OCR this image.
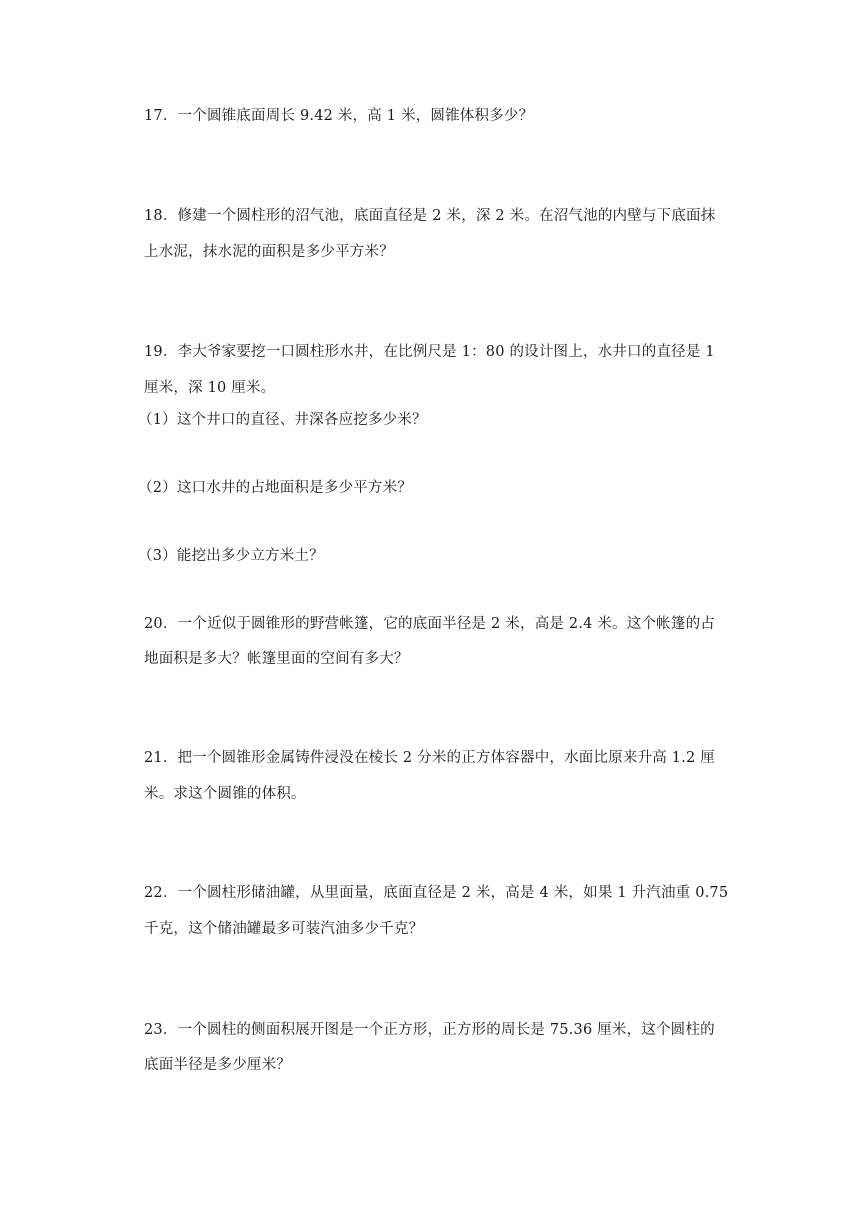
17．一个圆锥底面周长 9.42 米，高 1 米，圆锥体积多少？
18．修建一个圆柱形的沼气池，底面直径是 2 米，深 2 米。在沼气池的内壁与下底面抹
上水泥，抹水泥的面积是多少平方米？
19．李大爷家要挖一口圆柱形水井，在比例尺是 1：80 的设计图上，水井口的直径是 1
厘米，深 10 厘米。
（1）这个井口的直径、井深各应挖多少米？
（2）这口水井的占地面积是多少平方米？
（3）能挖出多少立方米土？
20．一个近似于圆锥形的野营帐篷，它的底面半径是 2 米，高是 2.4 米。这个帐篷的占
地面积是多大？帐篷里面的空间有多大？
21．把一个圆锥形金属铸件浸没在棱长 2 分米的正方体容器中，水面比原来升高 1.2 厘
米。求这个圆锥的体积。
22．一个圆柱形储油罐，从里面量，底面直径是 2 米，高是 4 米，如果 1 升汽油重 0.75
千克，这个储油罐最多可装汽油多少千克？
23．一个圆柱的侧面积展开图是一个正方形，正方形的周长是 75.36 厘米，这个圆柱的
底面半径是多少厘米？
